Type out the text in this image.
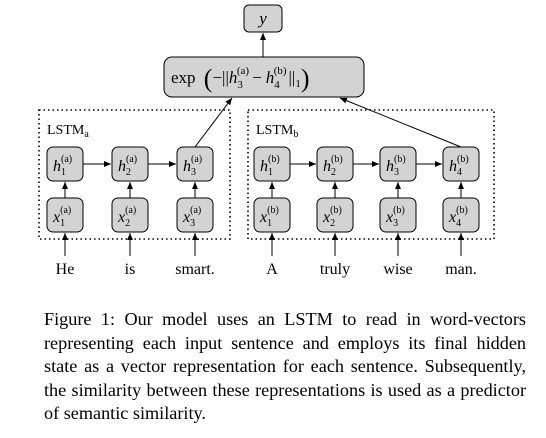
y
$\exp (-||h_3(a) - h_4(b)$ $||_1$)
$LSTM_a$	$LSTM_b$
$h_1(a)$
$x_1(a)$
He
$h_2(a)$
$x_2(a)$
is
$h_3(a)$
$x_3(a)$
smart.
$h_1(b)$
$x_1(b)$
A
$h_2(b)$
$x_2(b)$
truly
$h_3(b)$
$x_3(b)$
wise
$h_4(b)$
$x_4(b)$
man.

Figure 1: Our model uses an LSTM to read in word-vectors representing each input sentence and employs its final hidden state as a vector representation for each sentence. Subsequently, the similarity between these representations is used as a predictor of semantic similarity.
